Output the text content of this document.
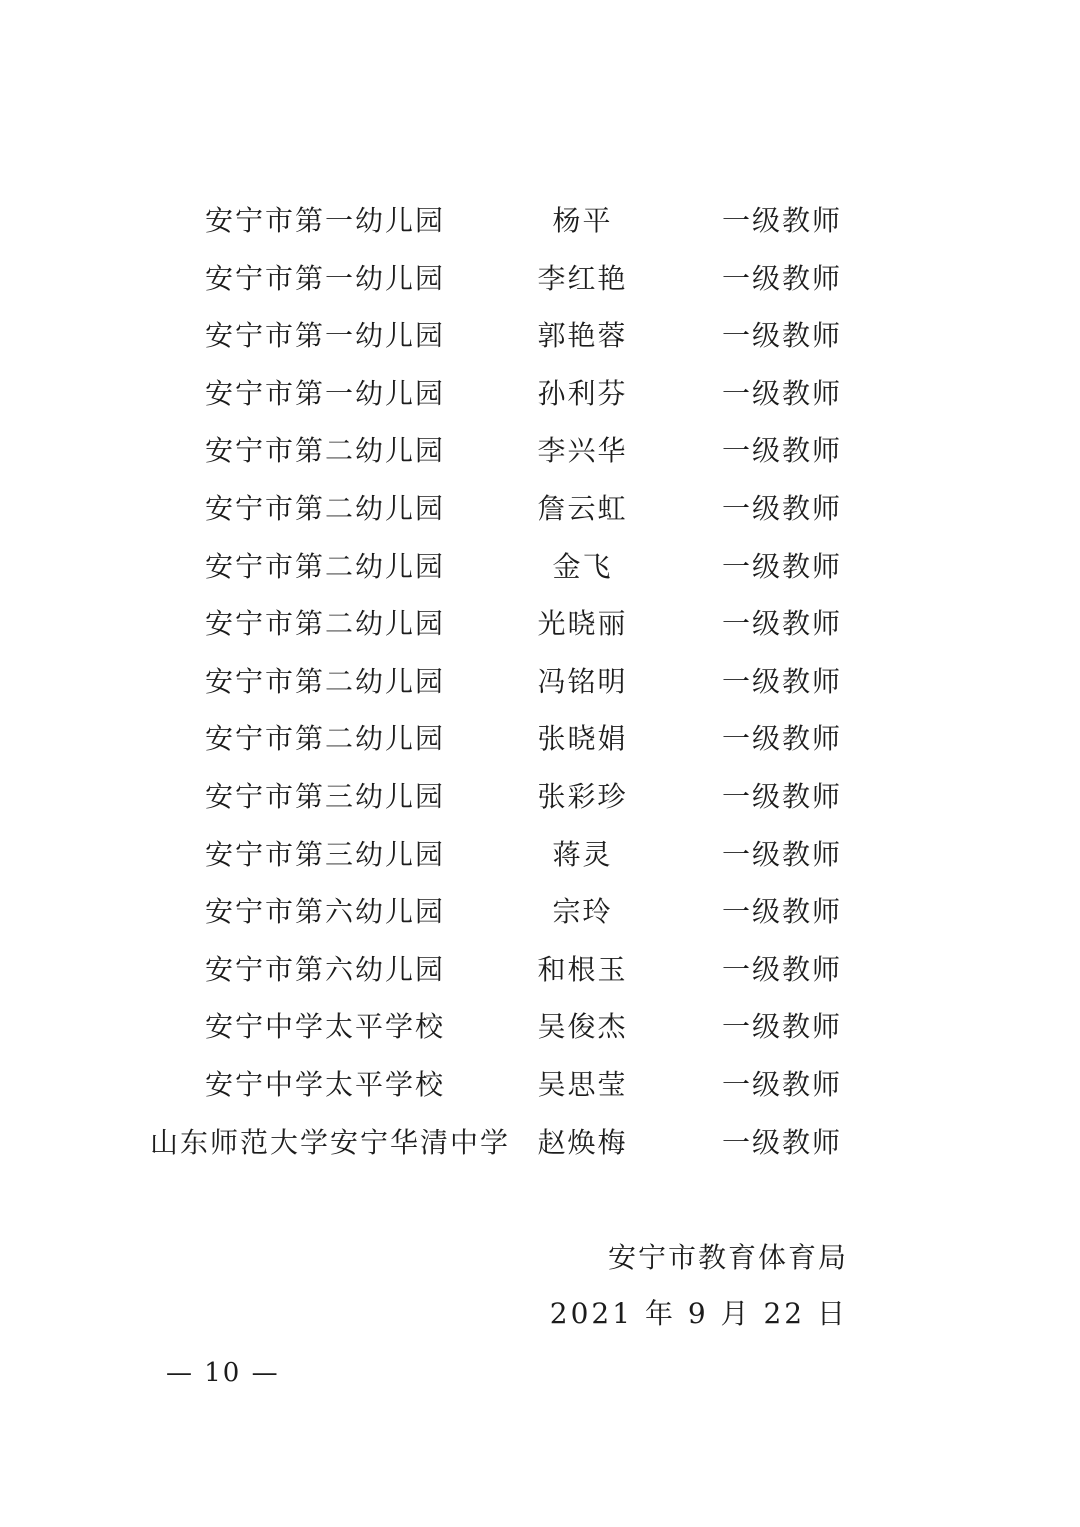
安宁市第一幼儿园	杨平	一级教师
安宁市第一幼儿园	李红艳	一级教师
安宁市第一幼儿园	郭艳蓉	一级教师
安宁市第一幼儿园	孙利芬	一级教师
安宁市第二幼儿园	李兴华	一级教师
安宁市第二幼儿园	詹云虹	一级教师
安宁市第二幼儿园	金飞	一级教师
安宁市第二幼儿园	光晓丽	一级教师
安宁市第二幼儿园	冯铭明	一级教师
安宁市第二幼儿园	张晓娟	一级教师
安宁市第三幼儿园	张彩珍	一级教师
安宁市第三幼儿园	蒋灵	一级教师
安宁市第六幼儿园	宗玲	一级教师
安宁市第六幼儿园	和根玉	一级教师
安宁中学太平学校	吴俊杰	一级教师
安宁中学太平学校	吴思莹	一级教师
山东师范大学安宁华清中学 赵焕梅	一级教师
安宁市教育体育局
2021 年 9 月 22 日
— 10 —
